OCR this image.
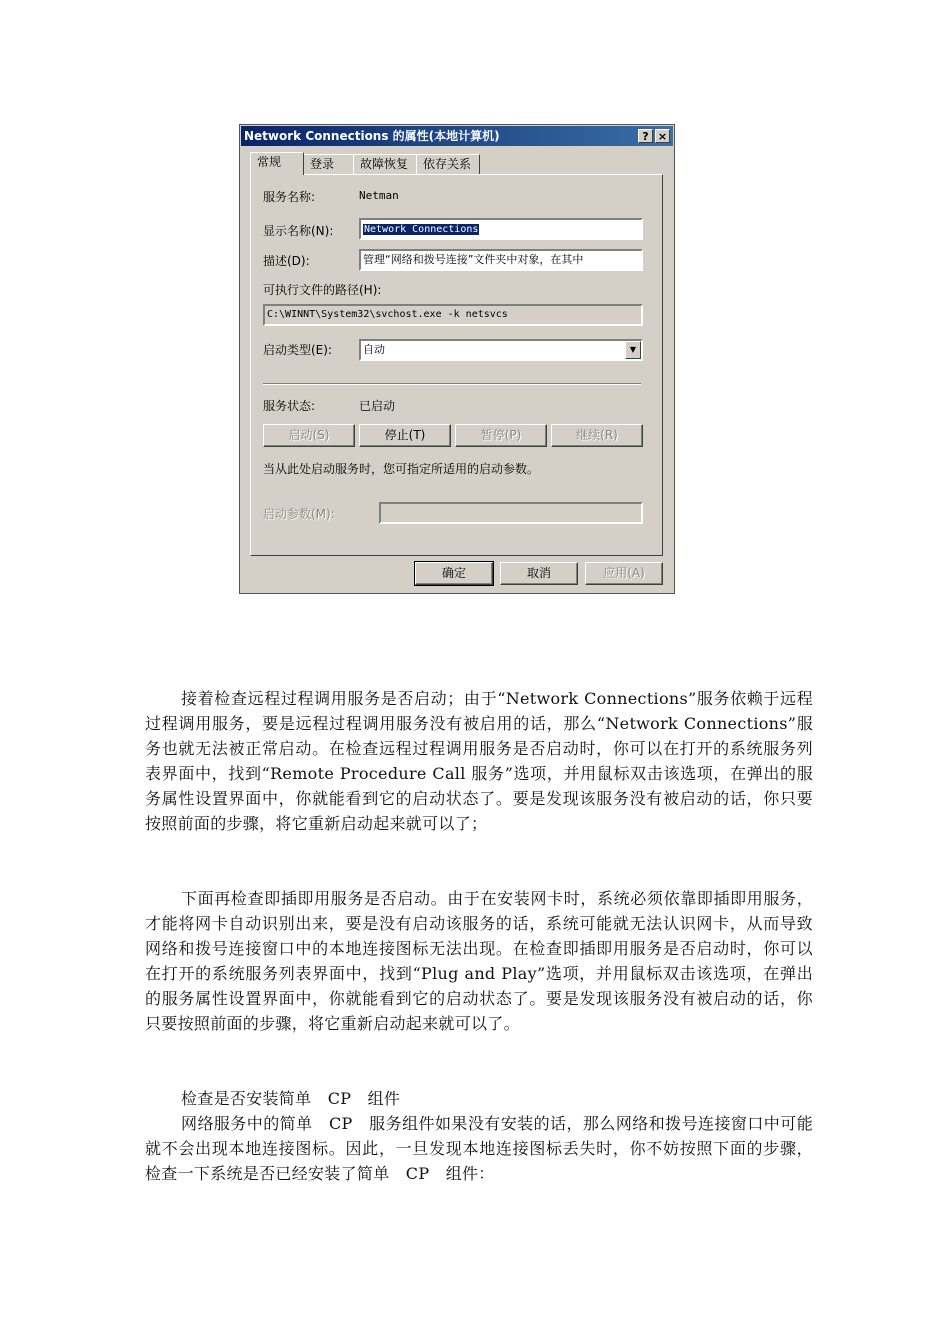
Network Connections 的属性(本地计算机)	? ×
常规	登录	故障恢复	依存关系
服务名称:	Netman
显示名称(N):	Network Connections
描述(D):	管理“网络和拨号连接”文件夹中对象，在其中
可执行文件的路径(H):
C:\WINNT\System32\svchost.exe -k netsvcs
启动类型(E):	自动	▼
服务状态:	已启动
启动(S)	停止(T)	暂停(P)	继续(R)
当从此处启动服务时，您可指定所适用的启动参数。
启动参数(M):
确定	取消	应用(A)

接着检查远程过程调用服务是否启动；由于“Network Connections”服务依赖于远程过程调用服务，要是远程过程调用服务没有被启用的话，那么“Network Connections”服务也就无法被正常启动。在检查远程过程调用服务是否启动时，你可以在打开的系统服务列表界面中，找到“Remote Procedure Call 服务”选项，并用鼠标双击该选项，在弹出的服务属性设置界面中，你就能看到它的启动状态了。要是发现该服务没有被启动的话，你只要按照前面的步骤，将它重新启动起来就可以了；

下面再检查即插即用服务是否启动。由于在安装网卡时，系统必须依靠即插即用服务，才能将网卡自动识别出来，要是没有启动该服务的话，系统可能就无法认识网卡，从而导致网络和拨号连接窗口中的本地连接图标无法出现。在检查即插即用服务是否启动时，你可以在打开的系统服务列表界面中，找到“Plug and Play”选项，并用鼠标双击该选项，在弹出的服务属性设置界面中，你就能看到它的启动状态了。要是发现该服务没有被启动的话，你只要按照前面的步骤，将它重新启动起来就可以了。

检查是否安装简单　CP　组件

网络服务中的简单　CP　服务组件如果没有安装的话，那么网络和拨号连接窗口中可能就不会出现本地连接图标。因此，一旦发现本地连接图标丢失时，你不妨按照下面的步骤，检查一下系统是否已经安装了简单　CP　组件：
